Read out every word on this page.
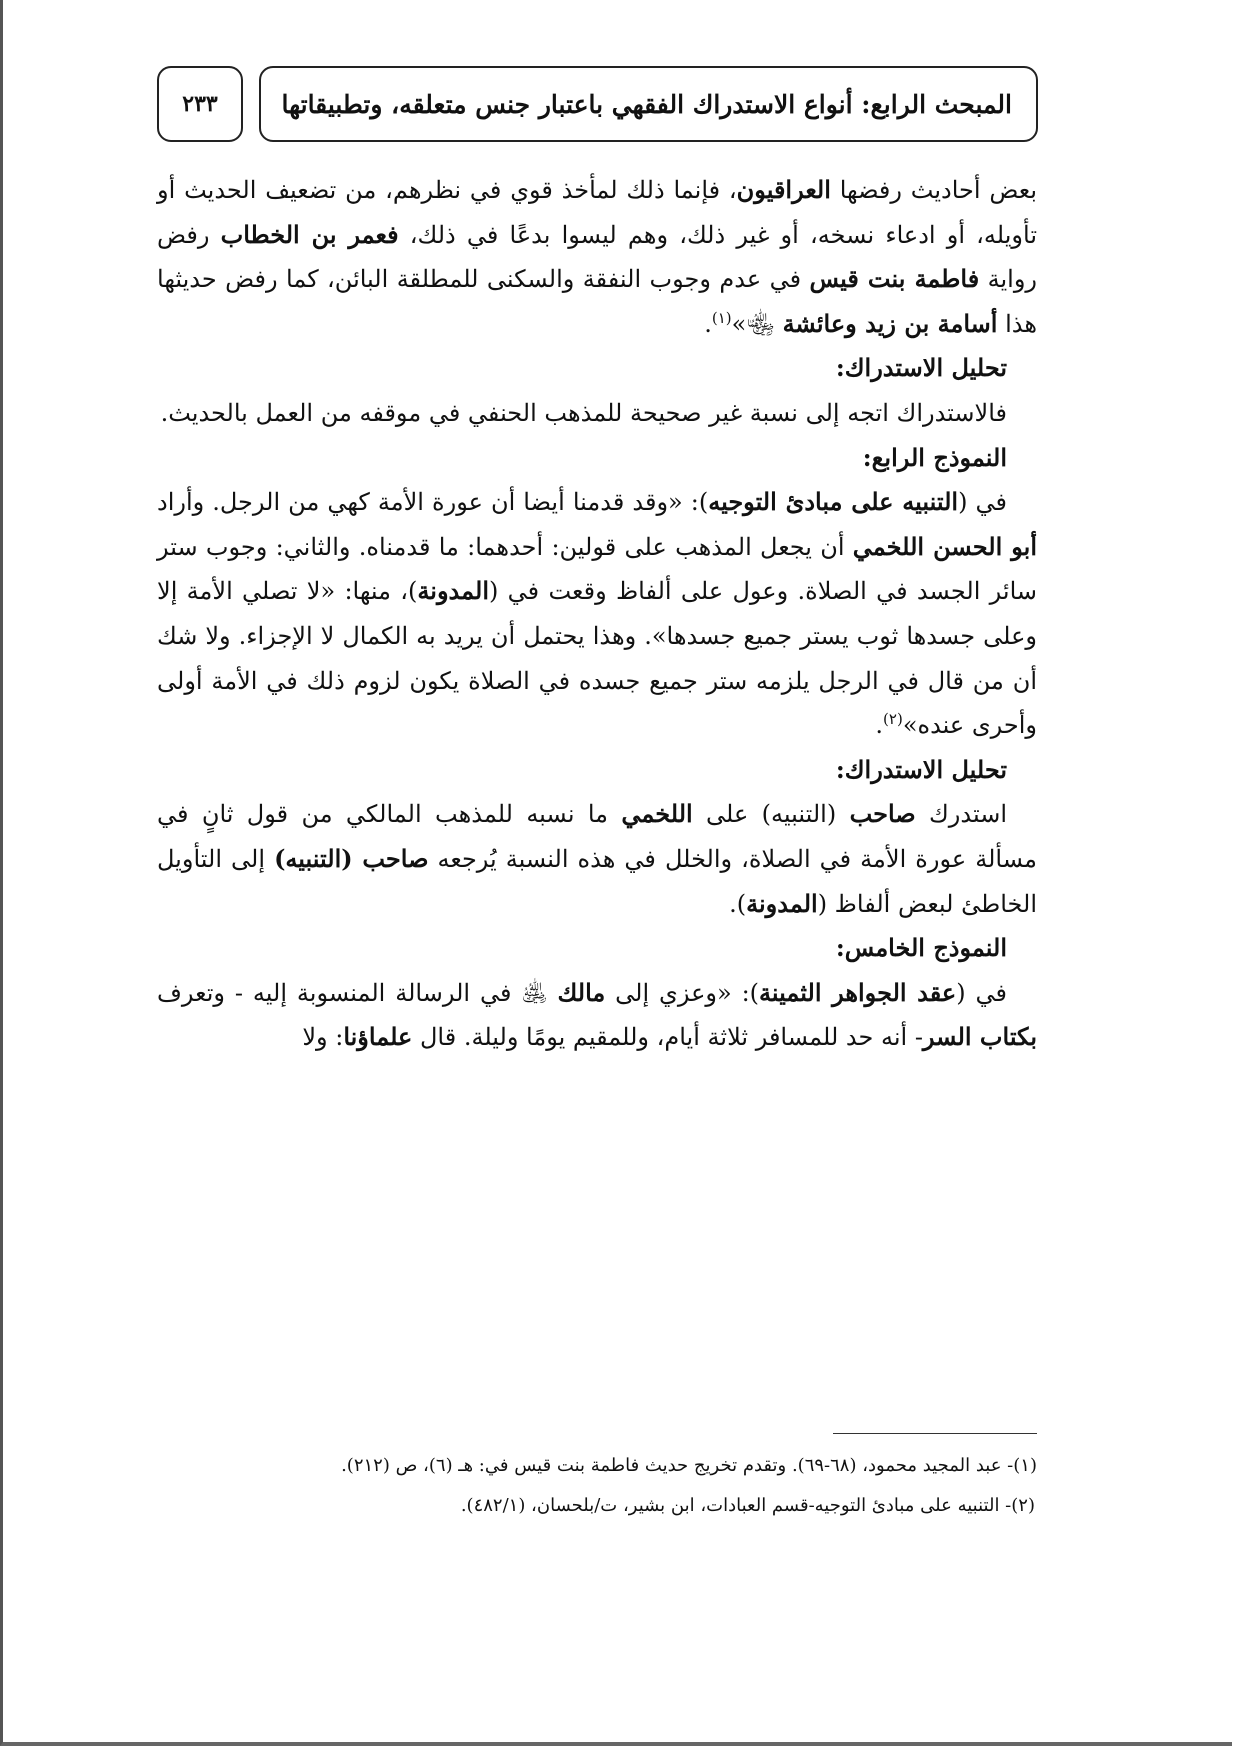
٢٣٣	المبحث الرابع: أنواع الاستدراك الفقهي باعتبار جنس متعلقه، وتطبيقاتها

بعض أحاديث رفضها العراقيون، فإنما ذلك لمأخذ قوي في نظرهم، من تضعيف الحديث أو تأويله، أو ادعاء نسخه، أو غير ذلك، وهم ليسوا بدعًا في ذلك، فعمر بن الخطاب رفض رواية فاطمة بنت قيس في عدم وجوب النفقة والسكنى للمطلقة البائن، كما رفض حديثها هذا أسامة بن زيد وعائشة ﵄»$^{(١)}$.

تحليل الاستدراك:

فالاستدراك اتجه إلى نسبة غير صحيحة للمذهب الحنفي في موقفه من العمل بالحديث.

النموذج الرابع:

في (التنبيه على مبادئ التوجيه): «وقد قدمنا أيضا أن عورة الأمة كهي من الرجل. وأراد أبو الحسن اللخمي أن يجعل المذهب على قولين: أحدهما: ما قدمناه. والثاني: وجوب ستر سائر الجسد في الصلاة. وعول على ألفاظ وقعت في (المدونة)، منها: «لا تصلي الأمة إلا وعلى جسدها ثوب يستر جميع جسدها». وهذا يحتمل أن يريد به الكمال لا الإجزاء. ولا شك أن من قال في الرجل يلزمه ستر جميع جسده في الصلاة يكون لزوم ذلك في الأمة أولى وأحرى عنده»$^{(٢)}$.

تحليل الاستدراك:

استدرك صاحب (التنبيه) على اللخمي ما نسبه للمذهب المالكي من قول ثانٍ في مسألة عورة الأمة في الصلاة، والخلل في هذه النسبة يُرجعه صاحب (التنبيه) إلى التأويل الخاطئ لبعض ألفاظ (المدونة).

النموذج الخامس:

في (عقد الجواهر الثمينة): «وعزي إلى مالك ﵁ في الرسالة المنسوبة إليه - وتعرف بكتاب السر- أنه حد للمسافر ثلاثة أيام، وللمقيم يومًا وليلة. قال علماؤنا: ولا

(١)- عبد المجيد محمود، (٦٨-٦٩). وتقدم تخريج حديث فاطمة بنت قيس في: هـ (٦)، ص (٢١٢).

(٢)- التنبيه على مبادئ التوجيه-قسم العبادات، ابن بشير، ت/بلحسان، (٤٨٢/١).
